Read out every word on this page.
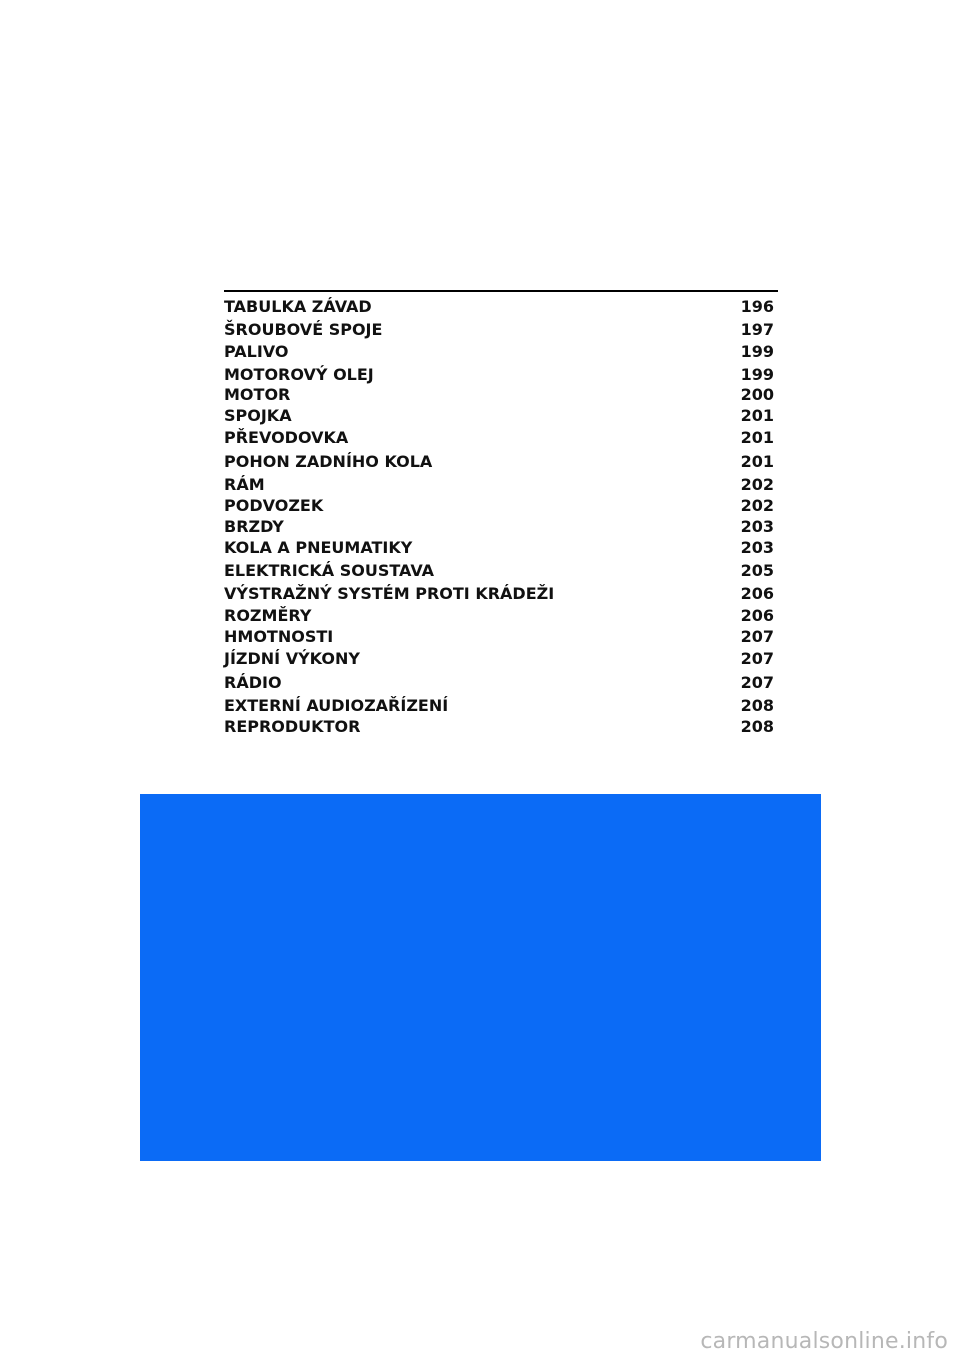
TABULKA ZÁVAD	196
ŠROUBOVÉ SPOJE	197
PALIVO	199
MOTOROVÝ OLEJ	199
MOTOR	200
SPOJKA	201
PŘEVODOVKA	201
POHON ZADNÍHO KOLA	201
RÁM	202
PODVOZEK	202
BRZDY	203
KOLA A PNEUMATIKY	203
ELEKTRICKÁ SOUSTAVA	205
VÝSTRAŽNÝ SYSTÉM PROTI KRÁDEŽI	206
ROZMĚRY	206
HMOTNOSTI	207
JÍZDNÍ VÝKONY	207
RÁDIO	207
EXTERNÍ AUDIOZAŘÍZENÍ	208
REPRODUKTOR	208
carmanualsonline.info
